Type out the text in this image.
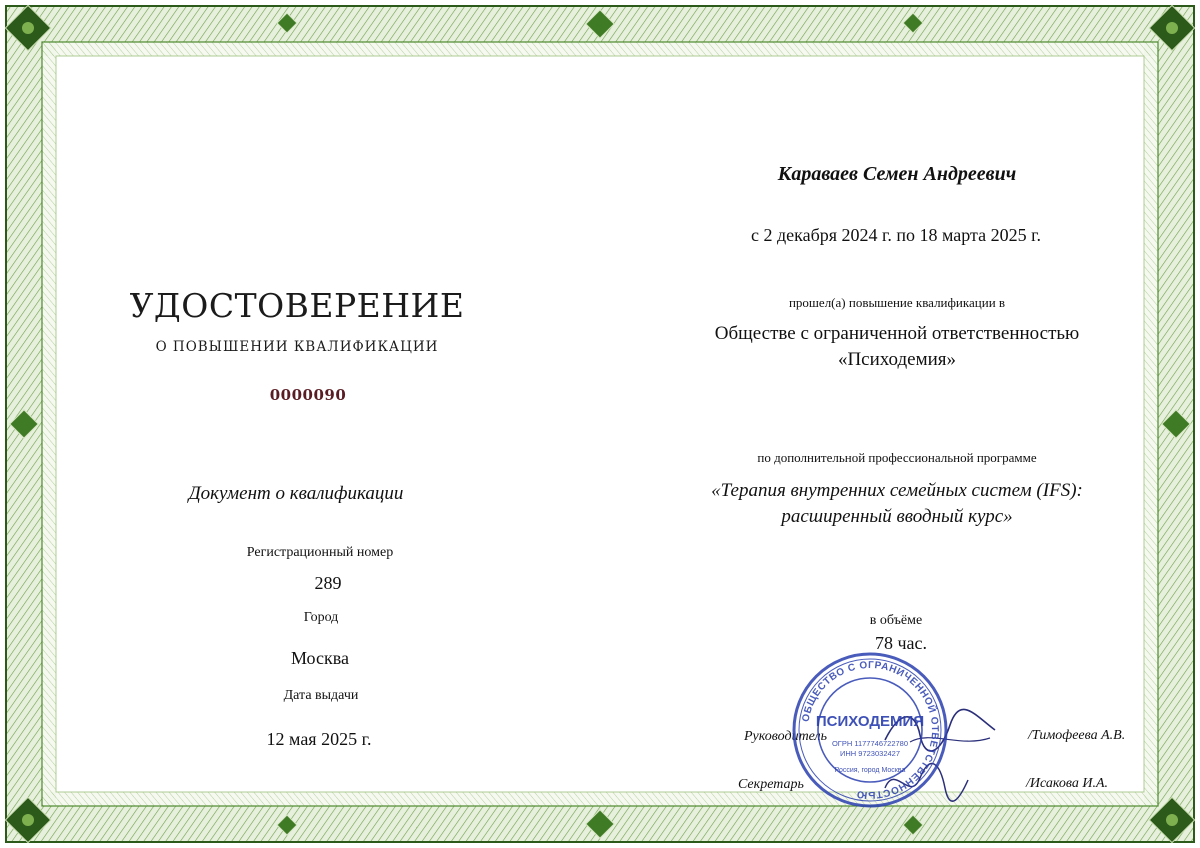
УДОСТОВЕРЕНИЕ
О ПОВЫШЕНИИ КВАЛИФИКАЦИИ
0000090
Документ о квалификации
Регистрационный номер
289
Город
Москва
Дата выдачи
12 мая 2025 г.
Караваев Семен Андреевич
с 2 декабря 2024 г. по 18 марта 2025 г.
прошел(а) повышение квалификации в
Обществе с ограниченной ответственностью
«Психодемия»
по дополнительной профессиональной программе
«Терапия внутренних семейных систем (IFS):
расширенный вводный курс»
в объёме
78 час.
Руководитель	/Тимофеева А.В.
Секретарь	/Исакова И.А.
ОБЩЕСТВО С ОГРАНИЧЕННОЙ ОТВЕТСТВЕННОСТЬЮ
ПСИХОДЕМИЯ
ОГРН 1177746722780
ИНН 9723032427
Россия, город Москва
